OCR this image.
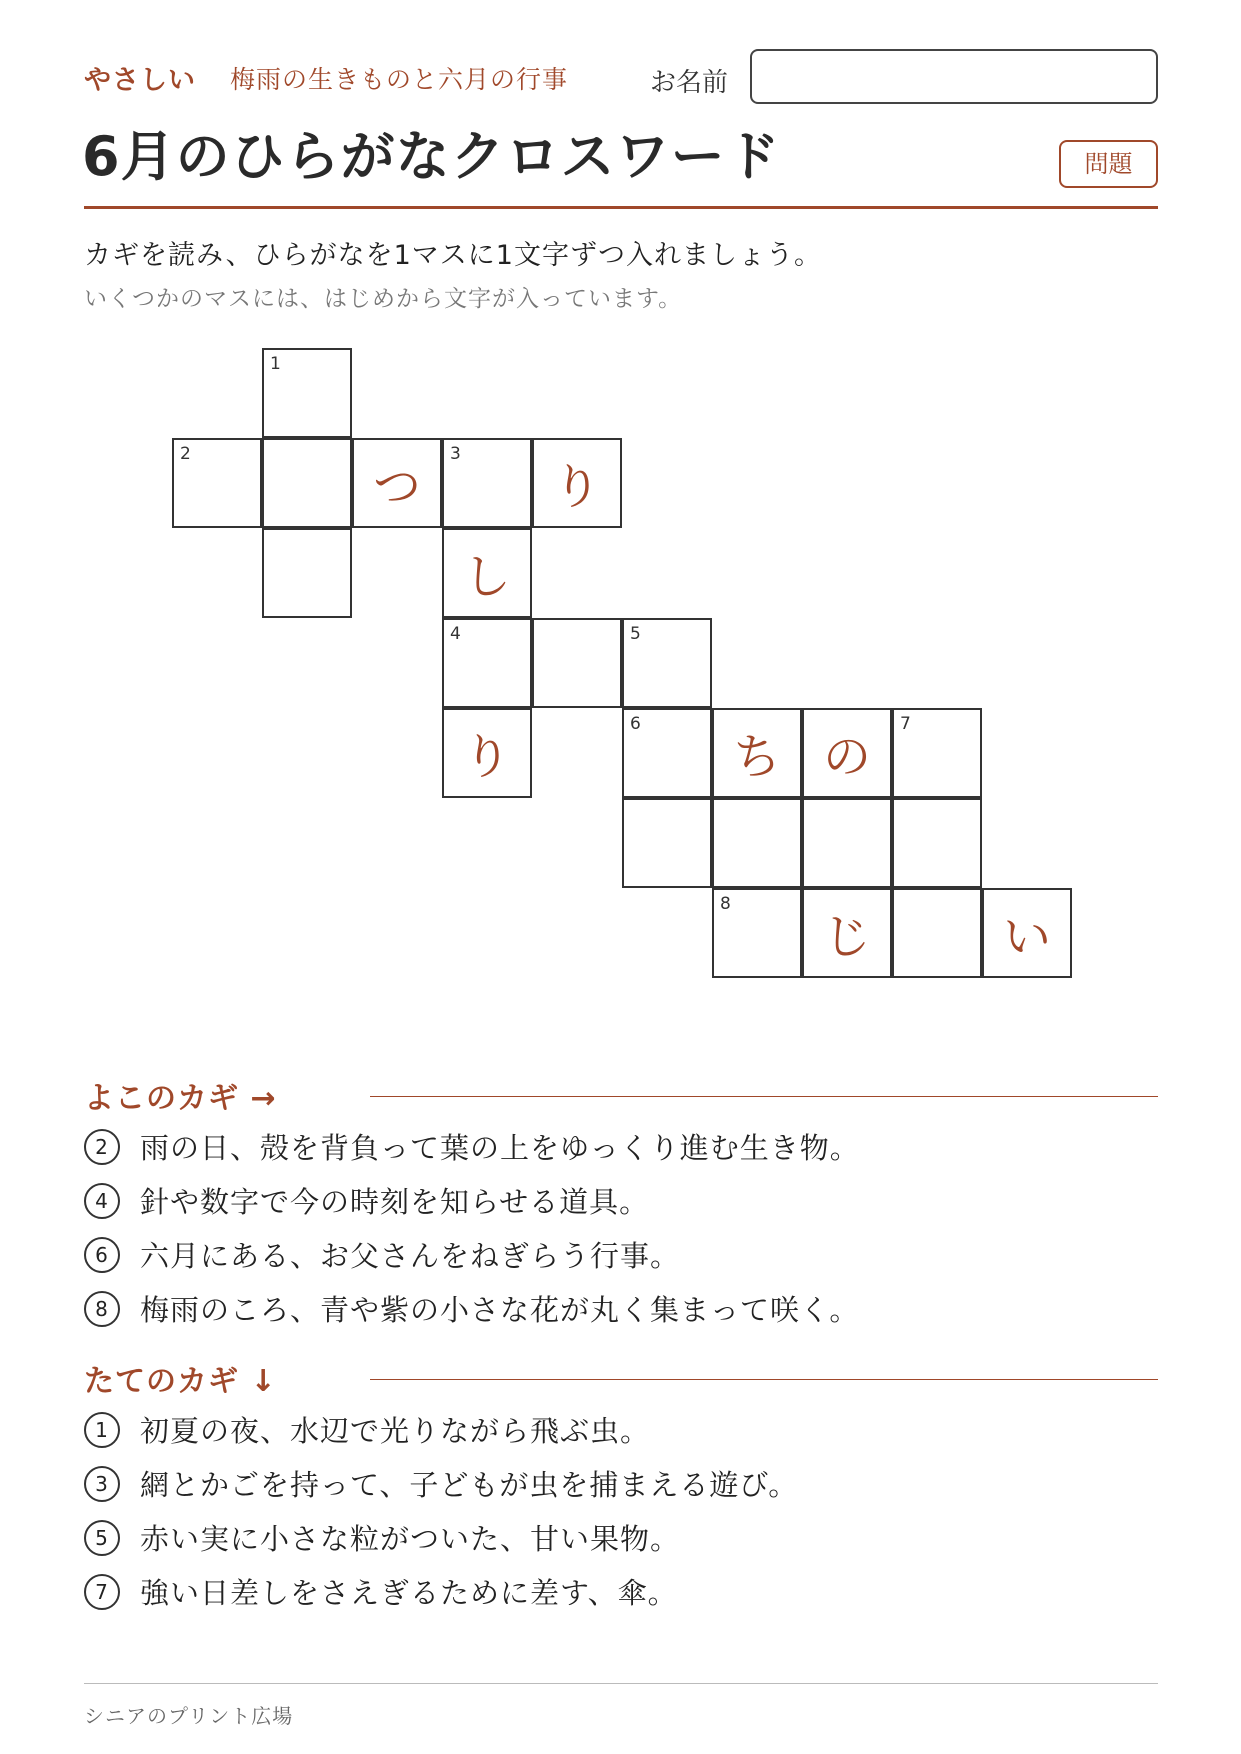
やさしい 梅雨の生きものと六月の行事	お名前
6月のひらがなクロスワード	問題
カギを読み、ひらがなを1マスに1文字ずつ入れましょう。
いくつかのマスには、はじめから文字が入っています。
1
2
つ
3
り
し
4	5
り
6
ち の
7
8
じ	い
よこのカギ →
2 雨の日、殻を背負って葉の上をゆっくり進む生き物。
4 針や数字で今の時刻を知らせる道具。
6 六月にある、お父さんをねぎらう行事。
8 梅雨のころ、青や紫の小さな花が丸く集まって咲く。
たてのカギ ↓
1 初夏の夜、水辺で光りながら飛ぶ虫。
3 網とかごを持って、子どもが虫を捕まえる遊び。
5 赤い実に小さな粒がついた、甘い果物。
7 強い日差しをさえぎるために差す、傘。
シニアのプリント広場
